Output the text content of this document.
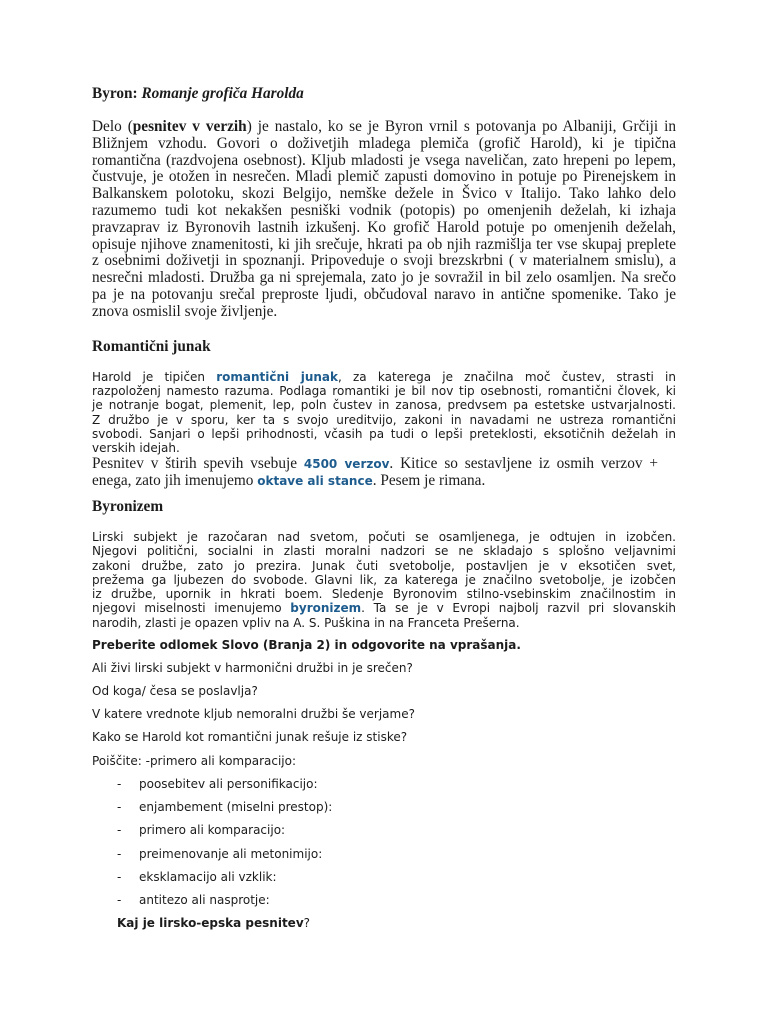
Byron: Romanje grofiča Harolda
Delo (pesnitev v verzih) je nastalo, ko se je Byron vrnil s potovanja po Albaniji, Grčiji in
Bližnjem vzhodu. Govori o doživetjih mladega plemiča (grofič Harold), ki je tipična
romantična (razdvojena osebnost). Kljub mladosti je vsega naveličan, zato hrepeni po lepem,
čustvuje, je otožen in nesrečen. Mladi plemič zapusti domovino in potuje po Pirenejskem in
Balkanskem polotoku, skozi Belgijo, nemške dežele in Švico v Italijo. Tako lahko delo
razumemo tudi kot nekakšen pesniški vodnik (potopis) po omenjenih deželah, ki izhaja
pravzaprav iz Byronovih lastnih izkušenj. Ko grofič Harold potuje po omenjenih deželah,
opisuje njihove znamenitosti, ki jih srečuje, hkrati pa ob njih razmišlja ter vse skupaj preplete
z osebnimi doživetji in spoznanji. Pripoveduje o svoji brezskrbni ( v materialnem smislu), a
nesrečni mladosti. Družba ga ni sprejemala, zato jo je sovražil in bil zelo osamljen. Na srečo
pa je na potovanju srečal preproste ljudi, občudoval naravo in antične spomenike. Tako je
znova osmislil svoje življenje.
Romantični junak
Harold je tipičen romantični junak, za katerega je značilna moč čustev, strasti in
razpoloženj namesto razuma. Podlaga romantiki je bil nov tip osebnosti, romantični človek, ki
je notranje bogat, plemenit, lep, poln čustev in zanosa, predvsem pa estetske ustvarjalnosti.
Z družbo je v sporu, ker ta s svojo ureditvijo, zakoni in navadami ne ustreza romantični
svobodi. Sanjari o lepši prihodnosti, včasih pa tudi o lepši preteklosti, eksotičnih deželah in
verskih idejah.
Pesnitev v štirih spevih vsebuje 4500 verzov. Kitice so sestavljene iz osmih verzov +
enega, zato jih imenujemo oktave ali stance. Pesem je rimana.
Byronizem
Lirski subjekt je razočaran nad svetom, počuti se osamljenega, je odtujen in izobčen.
Njegovi politični, socialni in zlasti moralni nadzori se ne skladajo s splošno veljavnimi
zakoni družbe, zato jo prezira. Junak čuti svetobolje, postavljen je v eksotičen svet,
prežema ga ljubezen do svobode. Glavni lik, za katerega je značilno svetobolje, je izobčen
iz družbe, upornik in hkrati boem. Sledenje Byronovim stilno-vsebinskim značilnostim in
njegovi miselnosti imenujemo byronizem. Ta se je v Evropi najbolj razvil pri slovanskih
narodih, zlasti je opazen vpliv na A. S. Puškina in na Franceta Prešerna.
Preberite odlomek Slovo (Branja 2) in odgovorite na vprašanja.
Ali živi lirski subjekt v harmonični družbi in je srečen?
Od koga/ česa se poslavlja?
V katere vrednote kljub nemoralni družbi še verjame?
Kako se Harold kot romantični junak rešuje iz stiske?
Poiščite: -primero ali komparacijo:
- poosebitev ali personifikacijo:
- enjambement (miselni prestop):
- primero ali komparacijo:
- preimenovanje ali metonimijo:
- eksklamacijo ali vzklik:
- antitezo ali nasprotje:
Kaj je lirsko-epska pesnitev?
